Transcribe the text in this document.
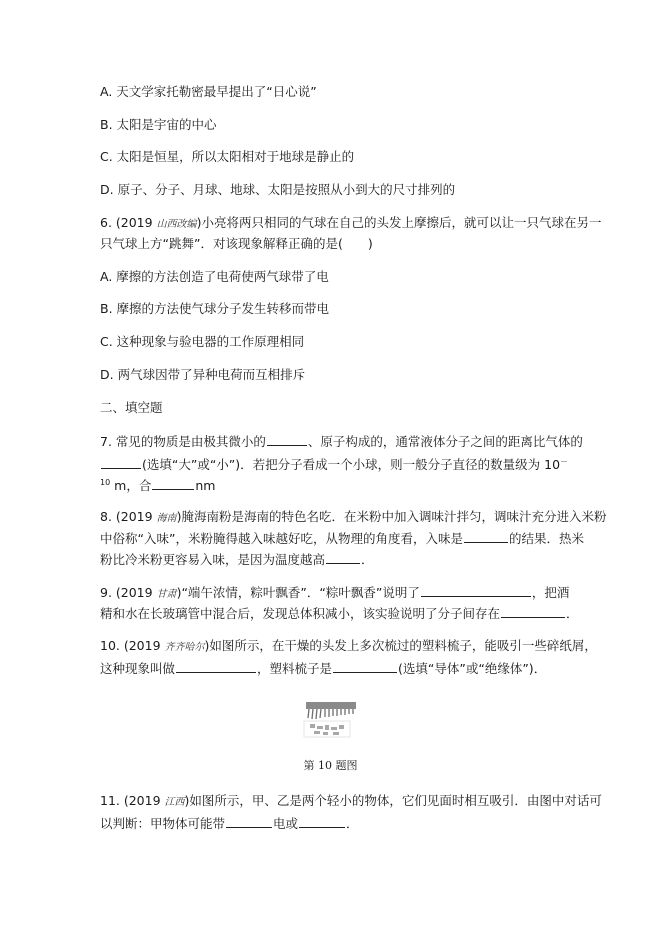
A. 天文学家托勒密最早提出了“日心说”
B. 太阳是宇宙的中心
C. 太阳是恒星，所以太阳相对于地球是静止的
D. 原子、分子、月球、地球、太阳是按照从小到大的尺寸排列的
6. (2019 山西改编)小亮将两只相同的气球在自己的头发上摩擦后，就可以让一只气球在另一
只气球上方“跳舞”．对该现象解释正确的是(　　)
A. 摩擦的方法创造了电荷使两气球带了电
B. 摩擦的方法使气球分子发生转移而带电
C. 这种现象与验电器的工作原理相同
D. 两气球因带了异种电荷而互相排斥
二、填空题
7. 常见的物质是由极其微小的	、原子构成的，通常液体分子之间的距离比气体的
(选填“大”或“小”)．若把分子看成一个小球，则一般分子直径的数量级为 10－
$^{10}$ m，合	nm
8. (2019 海南)腌海南粉是海南的特色名吃．在米粉中加入调味汁拌匀，调味汁充分进入米粉
中俗称“入味”，米粉腌得越入味越好吃，从物理的角度看，入味是	的结果．热米
粉比冷米粉更容易入味，是因为温度越高	．
9. (2019 甘肃)“端午浓情，粽叶飘香”．“粽叶飘香”说明了	，把酒
精和水在长玻璃管中混合后，发现总体积减小，该实验说明了分子间存在	．
10. (2019 齐齐哈尔)如图所示，在干燥的头发上多次梳过的塑料梳子，能吸引一些碎纸屑，
这种现象叫做	，塑料梳子是	(选填“导体”或“绝缘体”)．
第 10 题图
11. (2019 江西)如图所示，甲、乙是两个轻小的物体，它们见面时相互吸引．由图中对话可
以判断：甲物体可能带	电或	．
